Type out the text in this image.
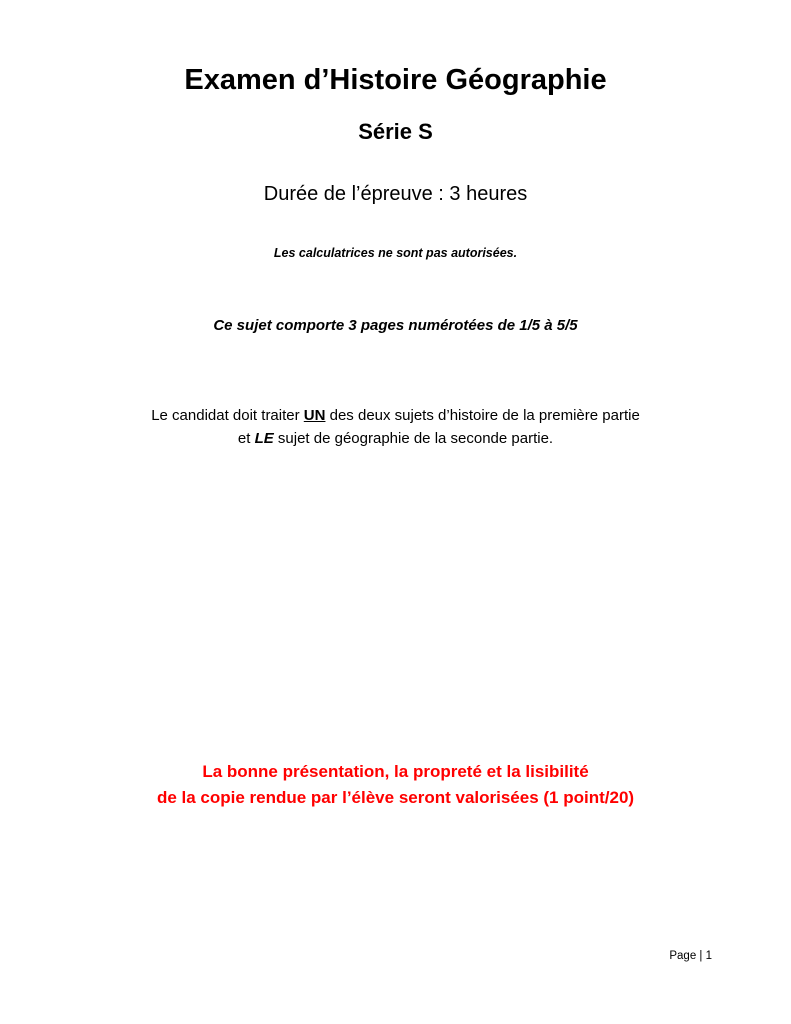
Examen d’Histoire Géographie
Série S
Durée de l’épreuve : 3 heures
Les calculatrices ne sont pas autorisées.
Ce sujet comporte 3 pages numérotées de 1/5 à 5/5
Le candidat doit traiter UN des deux sujets d’histoire de la première partie
et LE sujet de géographie de la seconde partie.
La bonne présentation, la propreté et la lisibilité
de la copie rendue par l’élève seront valorisées (1 point/20)
Page | 1
